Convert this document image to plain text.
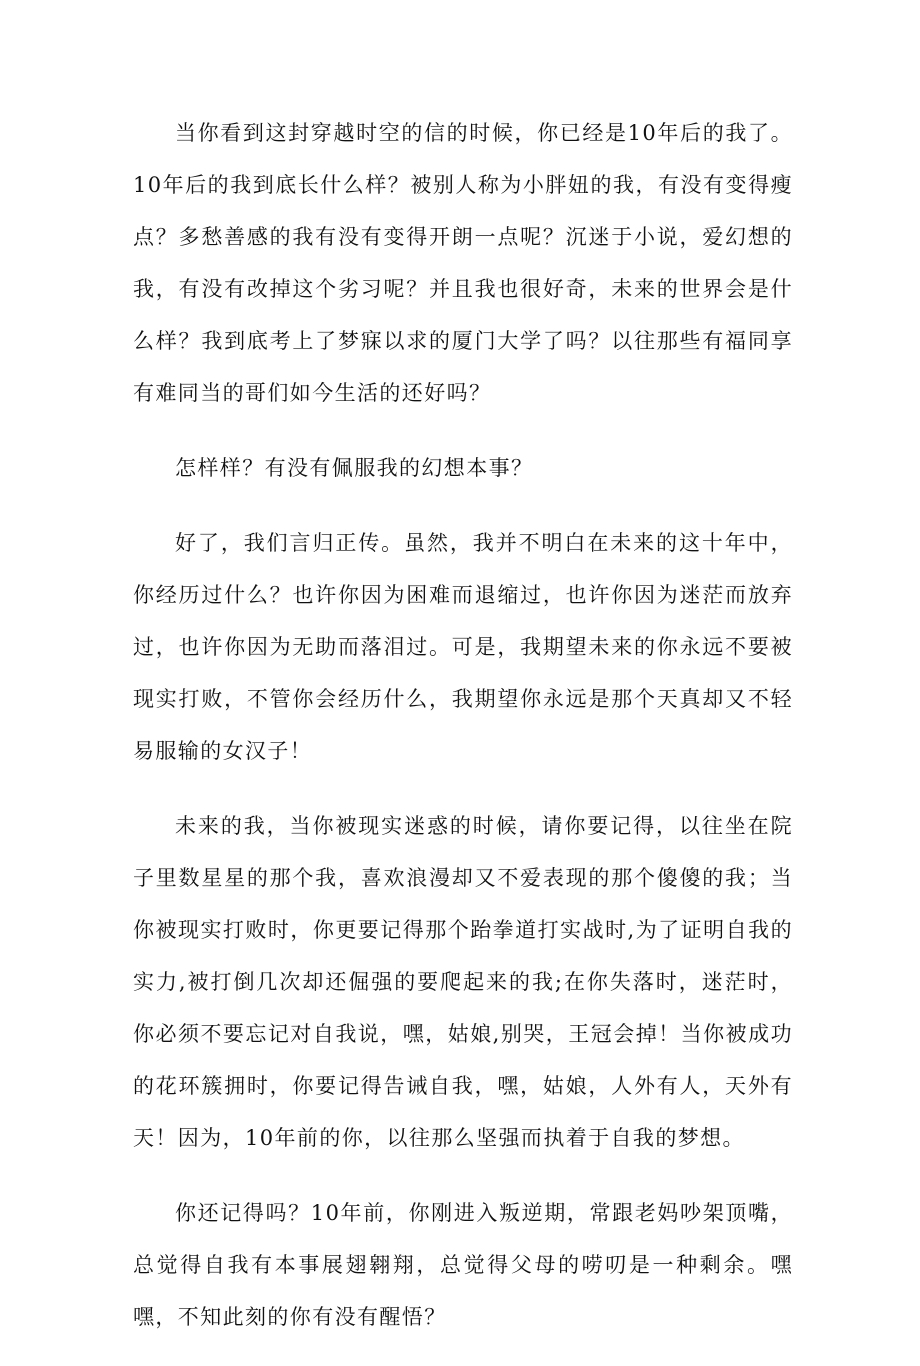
当你看到这封穿越时空的信的时候，你已经是10年后的我了。10年后的我到底长什么样？被别人称为小胖妞的我，有没有变得瘦点？多愁善感的我有没有变得开朗一点呢？沉迷于小说，爱幻想的我，有没有改掉这个劣习呢？并且我也很好奇，未来的世界会是什么样？我到底考上了梦寐以求的厦门大学了吗？以往那些有福同享有难同当的哥们如今生活的还好吗？

怎样样？有没有佩服我的幻想本事？

好了，我们言归正传。虽然，我并不明白在未来的这十年中，你经历过什么？也许你因为困难而退缩过，也许你因为迷茫而放弃过，也许你因为无助而落泪过。可是，我期望未来的你永远不要被现实打败，不管你会经历什么，我期望你永远是那个天真却又不轻易服输的女汉子！

未来的我，当你被现实迷惑的时候，请你要记得，以往坐在院子里数星星的那个我，喜欢浪漫却又不爱表现的那个傻傻的我；当你被现实打败时，你更要记得那个跆拳道打实战时,为了证明自我的实力,被打倒几次却还倔强的要爬起来的我;在你失落时，迷茫时，你必须不要忘记对自我说，嘿，姑娘,别哭，王冠会掉！当你被成功的花环簇拥时，你要记得告诫自我，嘿，姑娘，人外有人，天外有天！因为，10年前的你，以往那么坚强而执着于自我的梦想。

你还记得吗？10年前，你刚进入叛逆期，常跟老妈吵架顶嘴，总觉得自我有本事展翅翱翔，总觉得父母的唠叨是一种剩余。嘿嘿，不知此刻的你有没有醒悟？
